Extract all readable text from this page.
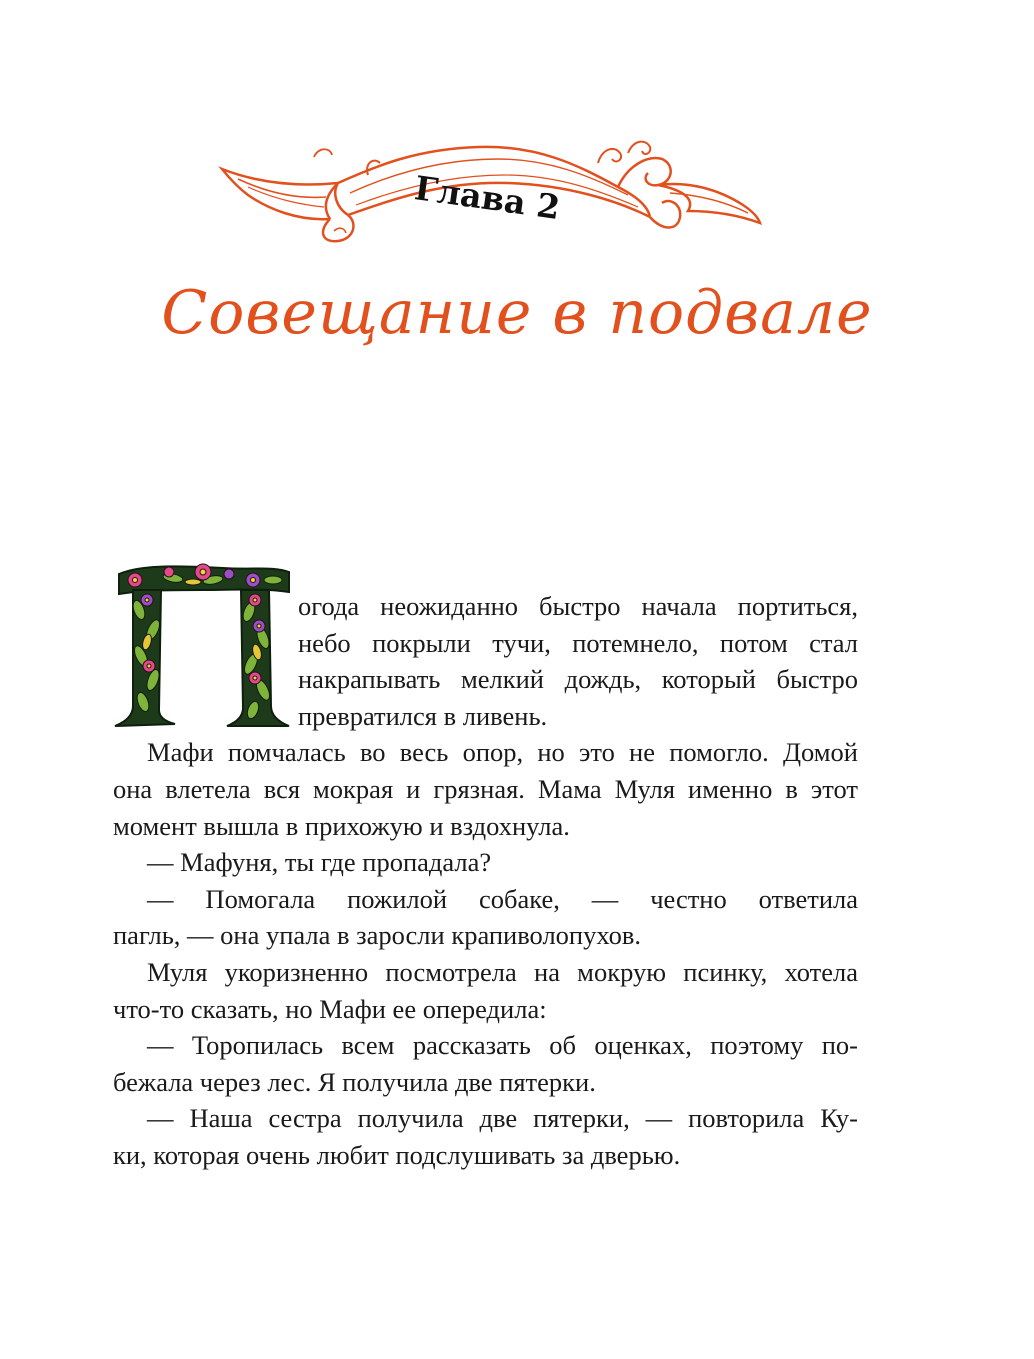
Глава 2
Совещание в подвале
огода неожиданно быстро начала портиться,
небо покрыли тучи, потемнело, потом стал
накрапывать мелкий дождь, который быстро
превратился в ливень.
Мафи помчалась во весь опор, но это не помогло. Домой
она влетела вся мокрая и грязная. Мама Муля именно в этот
момент вышла в прихожую и вздохнула.
— Мафуня, ты где пропадала?
— Помогала пожилой собаке, — честно ответила
пагль, — она упала в заросли крапиволопухов.
Муля укоризненно посмотрела на мокрую псинку, хотела
что-то сказать, но Мафи ее опередила:
— Торопилась всем рассказать об оценках, поэтому по-
бежала через лес. Я получила две пятерки.
— Наша сестра получила две пятерки, — повторила Ку-
ки, которая очень любит подслушивать за дверью.
